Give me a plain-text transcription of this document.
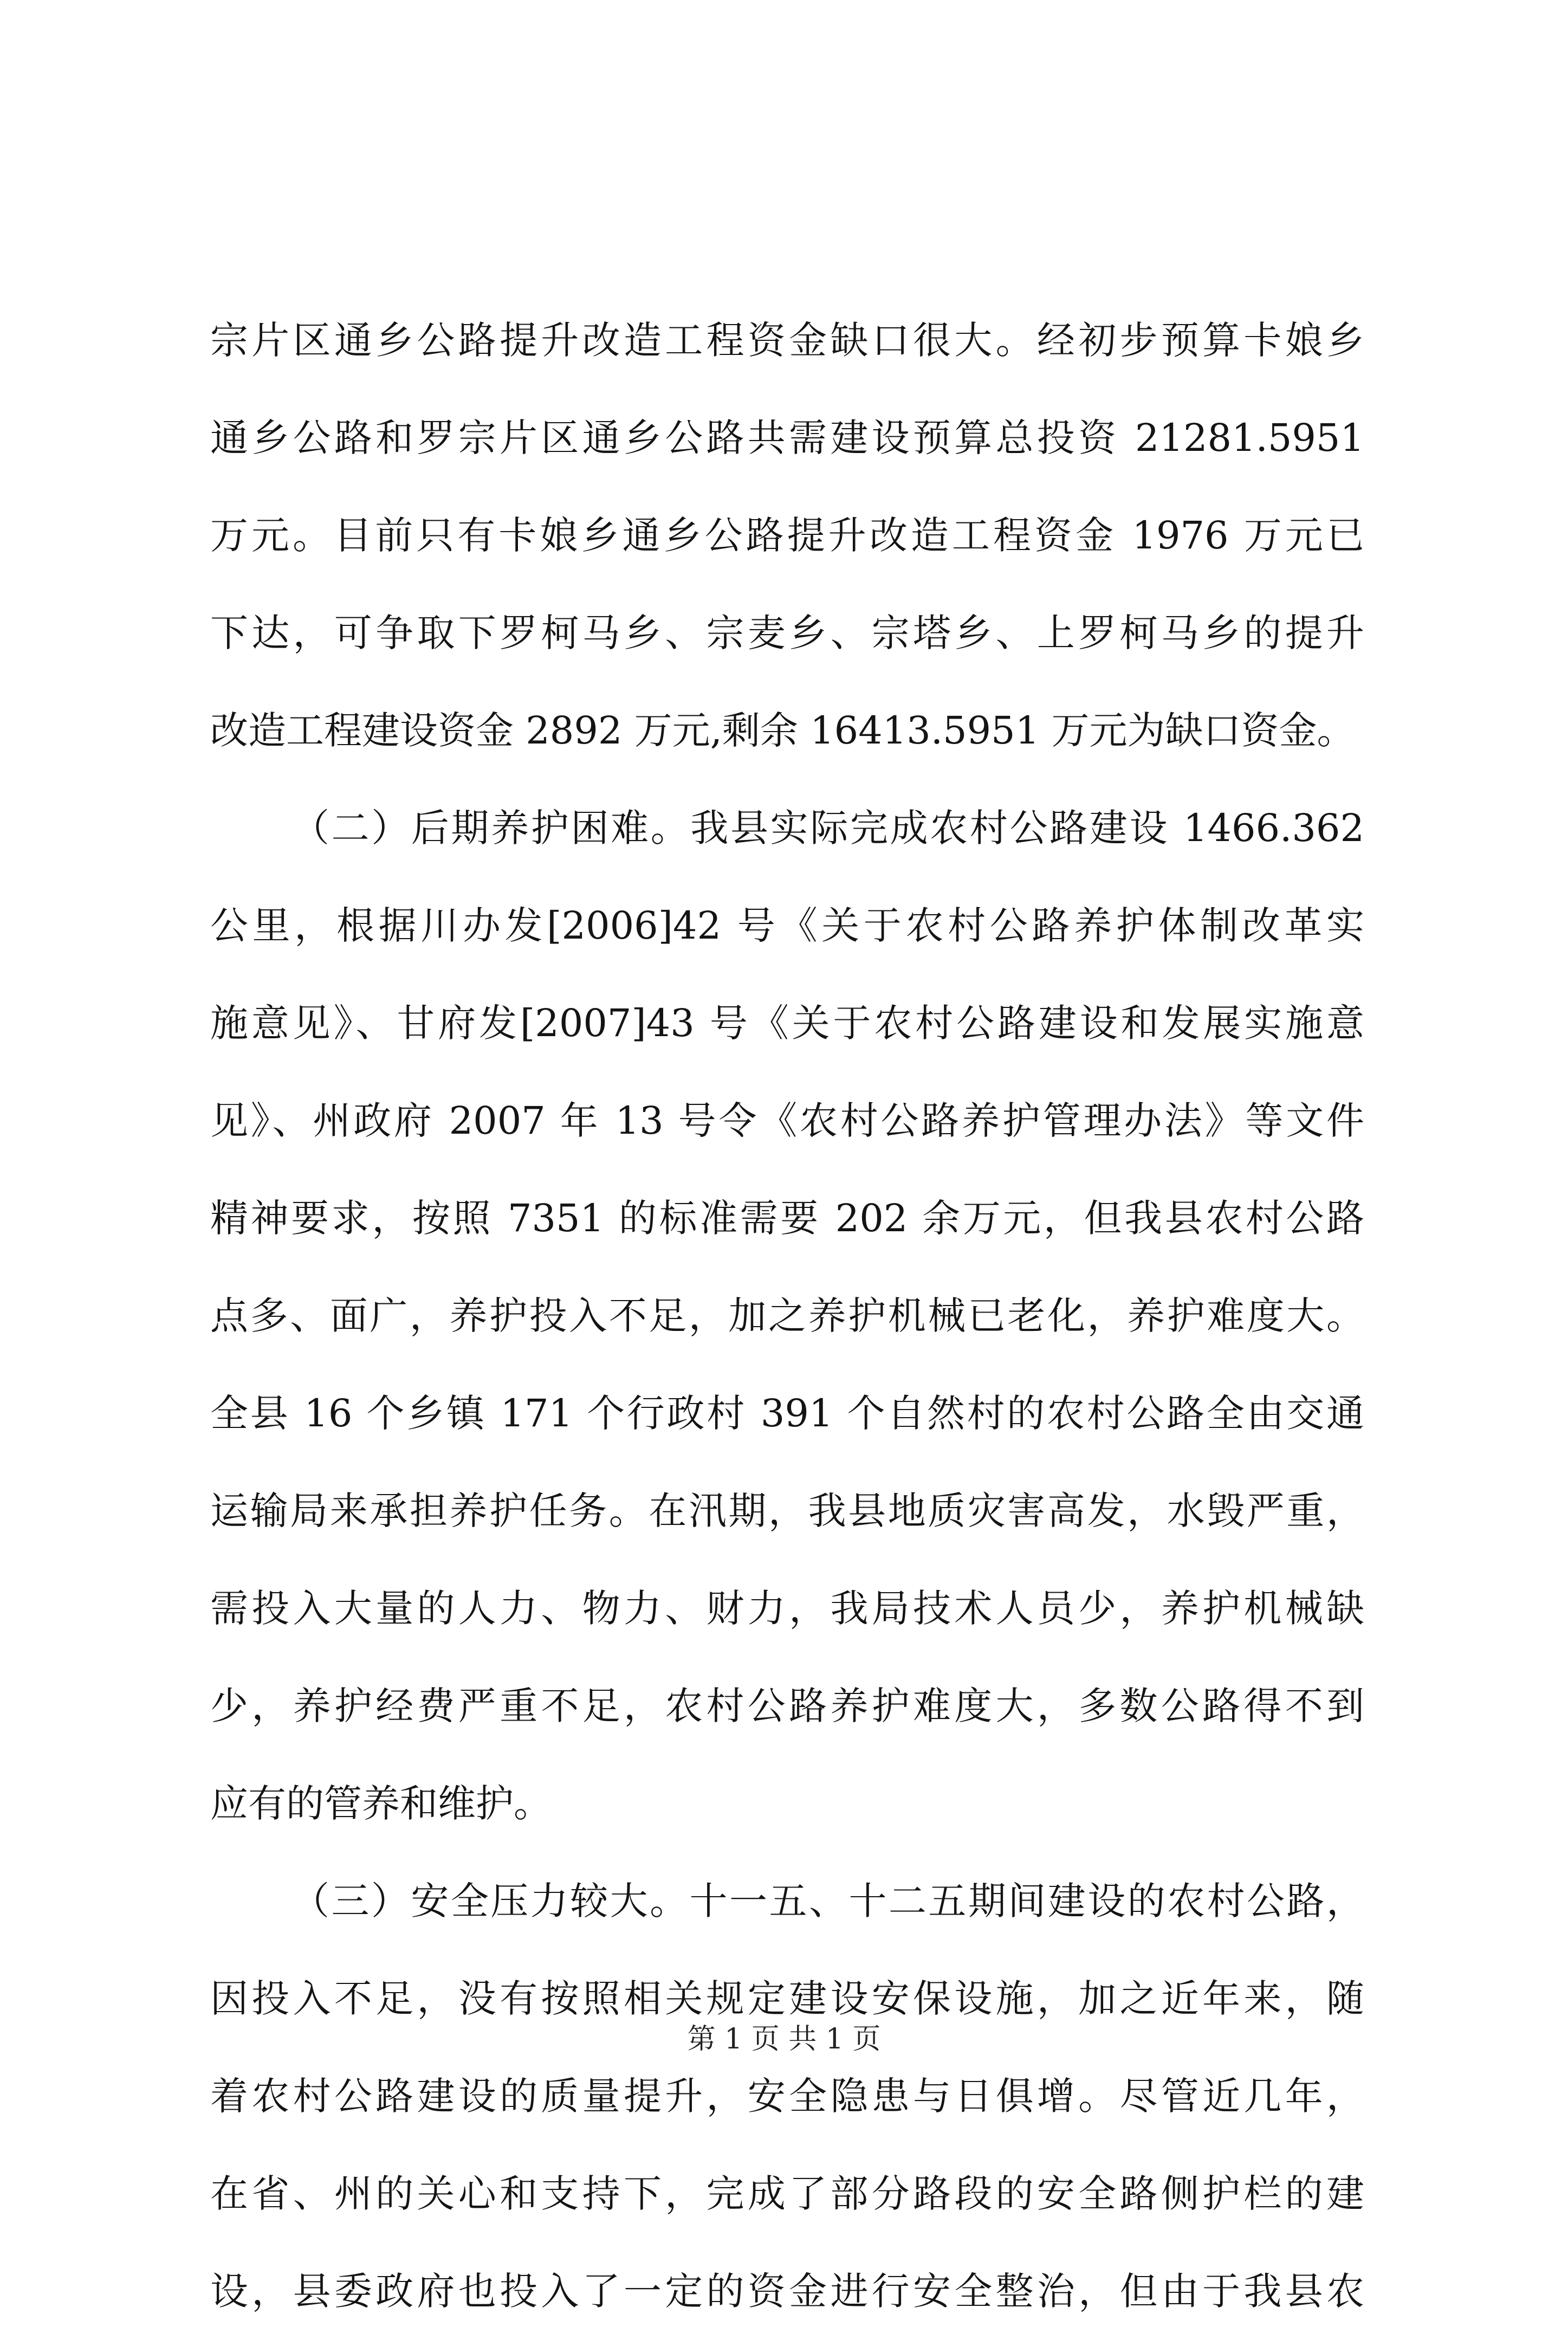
宗片区通乡公路提升改造工程资金缺口很大。经初步预算卡娘乡
通乡公路和罗宗片区通乡公路共需建设预算总投资 21281.5951
万元。目前只有卡娘乡通乡公路提升改造工程资金 1976 万元已
下达，可争取下罗柯马乡、宗麦乡、宗塔乡、上罗柯马乡的提升
改造工程建设资金 2892 万元,剩余 16413.5951 万元为缺口资金。
（二）后期养护困难。我县实际完成农村公路建设 1466.362
公里，根据川办发[2006]42 号《关于农村公路养护体制改革实
施意见》、甘府发[2007]43 号《关于农村公路建设和发展实施意
见》、州政府 2007 年 13 号令《农村公路养护管理办法》等文件
精神要求，按照 7351 的标准需要 202 余万元，但我县农村公路
点多、面广，养护投入不足，加之养护机械已老化，养护难度大。
全县 16 个乡镇 171 个行政村 391 个自然村的农村公路全由交通
运输局来承担养护任务。在汛期，我县地质灾害高发，水毁严重，
需投入大量的人力、物力、财力，我局技术人员少，养护机械缺
少，养护经费严重不足，农村公路养护难度大，多数公路得不到
应有的管养和维护。
（三）安全压力较大。十一五、十二五期间建设的农村公路，
因投入不足，没有按照相关规定建设安保设施，加之近年来，随
着农村公路建设的质量提升，安全隐患与日俱增。尽管近几年，
在省、州的关心和支持下，完成了部分路段的安全路侧护栏的建
设，县委政府也投入了一定的资金进行安全整治，但由于我县农
第 1 页 共 1 页
